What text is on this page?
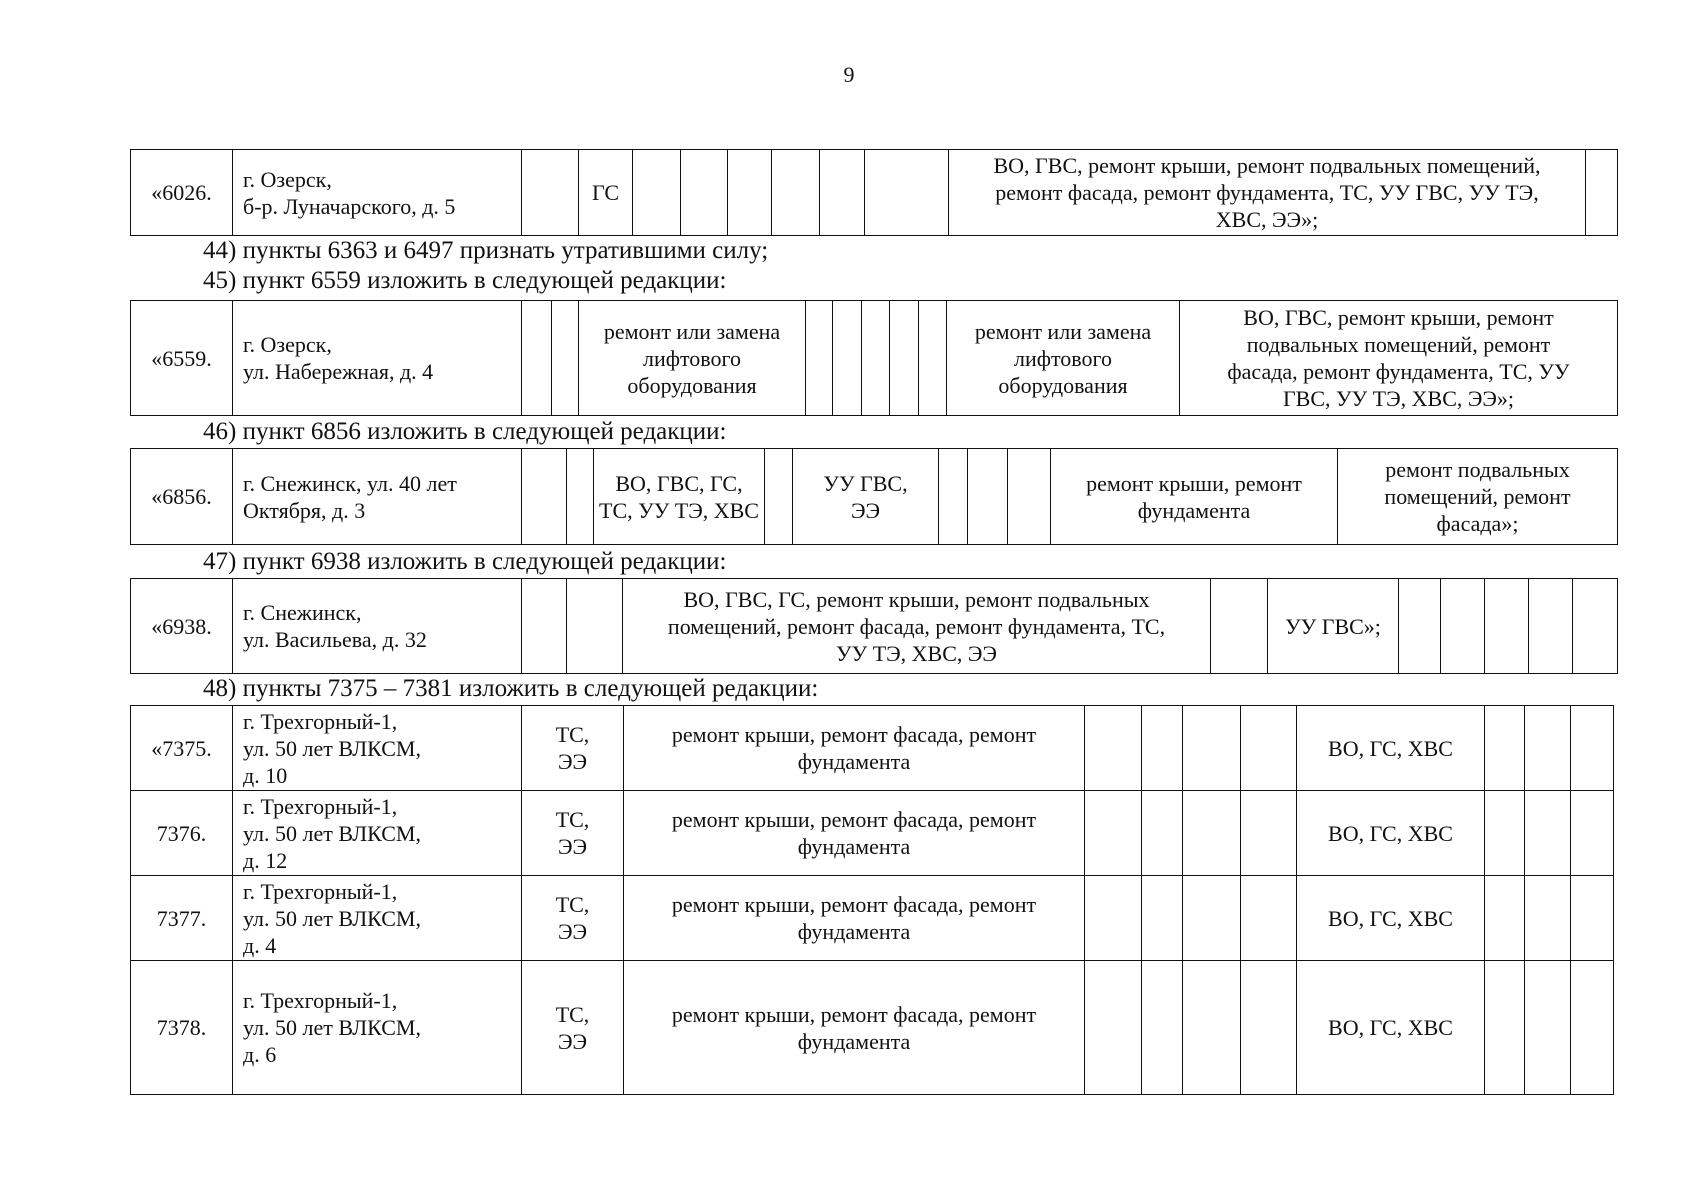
9
«6026.	г. Озерск,
б-р. Луначарского, д. 5		ГС							ВО, ГВС, ремонт крыши, ремонт подвальных помещений,
ремонт фасада, ремонт фундамента, ТС, УУ ГВС, УУ ТЭ,
ХВС, ЭЭ»;	
44) пункты 6363 и 6497 признать утратившими силу;
45) пункт 6559 изложить в следующей редакции:
«6559.	г. Озерск,
ул. Набережная, д. 4			ремонт или замена
лифтового
оборудования						ремонт или замена
лифтового
оборудования	ВО, ГВС, ремонт крыши, ремонт
подвальных помещений, ремонт
фасада, ремонт фундамента, ТС, УУ
ГВС, УУ ТЭ, ХВС, ЭЭ»;
46) пункт 6856 изложить в следующей редакции:
«6856.	г. Снежинск, ул. 40 лет
Октября, д. 3			ВО, ГВС, ГС,
ТС, УУ ТЭ, ХВС		УУ ГВС,
ЭЭ				ремонт крыши, ремонт
фундамента	ремонт подвальных
помещений, ремонт
фасада»;
47) пункт 6938 изложить в следующей редакции:
«6938.	г. Снежинск,
ул. Васильева, д. 32			ВО, ГВС, ГС, ремонт крыши, ремонт подвальных
помещений, ремонт фасада, ремонт фундамента, ТС,
УУ ТЭ, ХВС, ЭЭ		УУ ГВС»;					
48) пункты 7375 – 7381 изложить в следующей редакции:
«7375.	г. Трехгорный-1,
ул. 50 лет ВЛКСМ,
д. 10	ТС,
ЭЭ	ремонт крыши, ремонт фасада, ремонт
фундамента					ВО, ГС, ХВС			
7376.	г. Трехгорный-1,
ул. 50 лет ВЛКСМ,
д. 12	ТС,
ЭЭ	ремонт крыши, ремонт фасада, ремонт
фундамента					ВО, ГС, ХВС			
7377.	г. Трехгорный-1,
ул. 50 лет ВЛКСМ,
д. 4	ТС,
ЭЭ	ремонт крыши, ремонт фасада, ремонт
фундамента					ВО, ГС, ХВС			
7378.	г. Трехгорный-1,
ул. 50 лет ВЛКСМ,
д. 6	ТС,
ЭЭ	ремонт крыши, ремонт фасада, ремонт
фундамента					ВО, ГС, ХВС			
